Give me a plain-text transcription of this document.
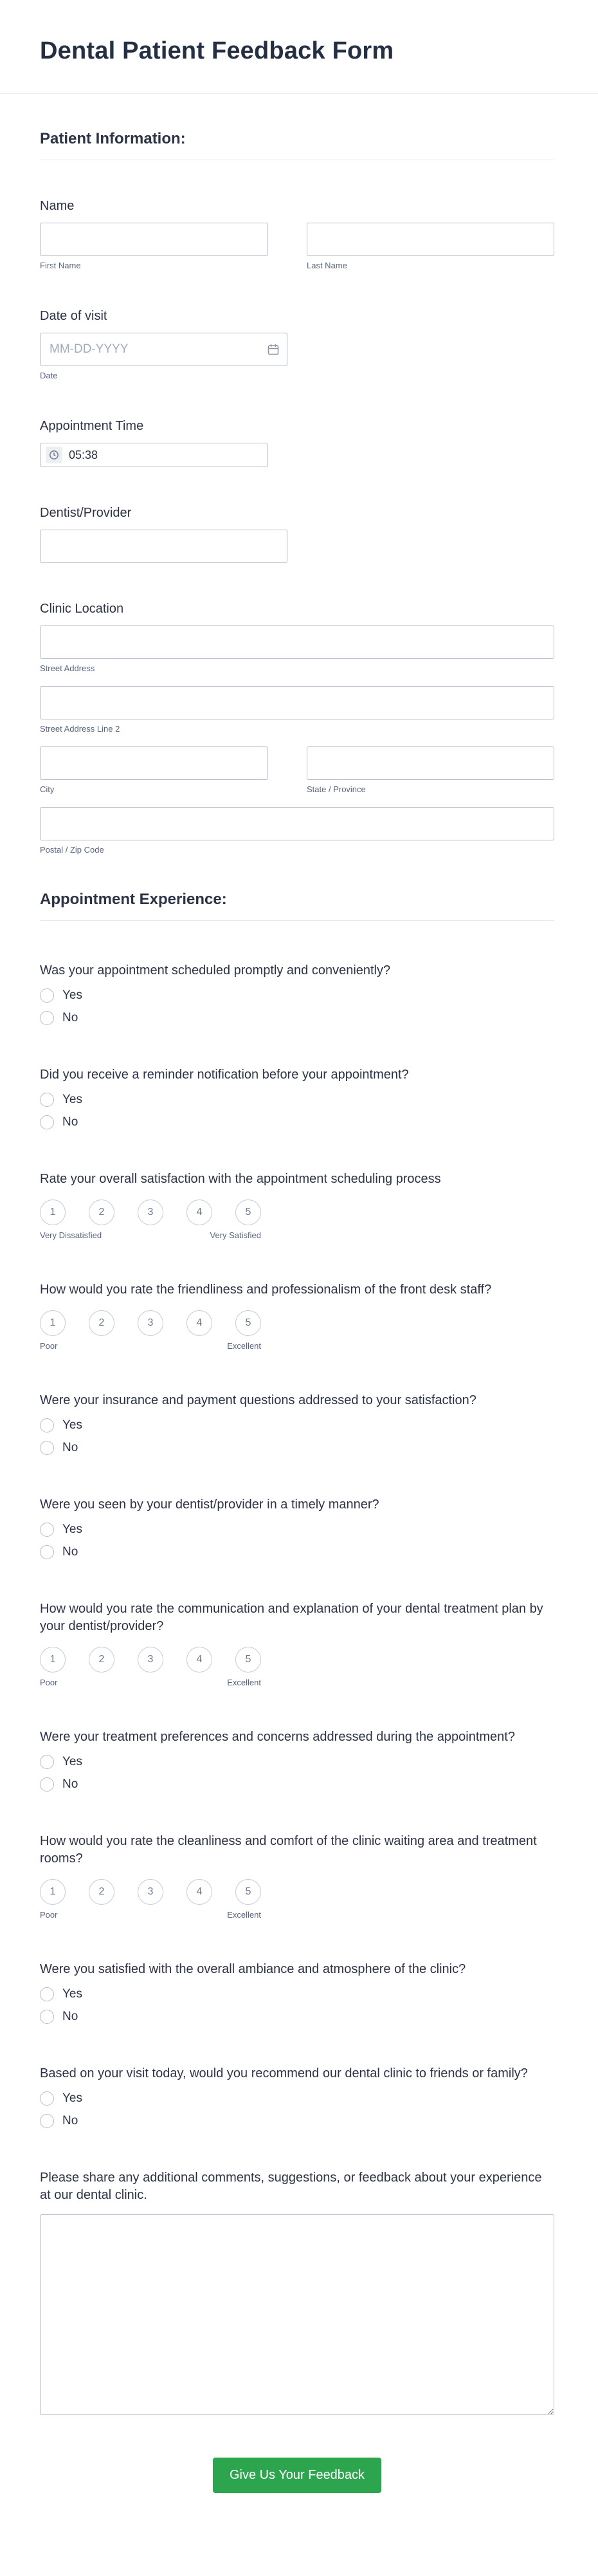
Dental Patient Feedback Form
Patient Information:
Name
First Name	Last Name
Date of visit
MM-DD-YYYY
Date
Appointment Time
05:38
Dentist/Provider
Clinic Location
Street Address
Street Address Line 2
City	State / Province
Postal / Zip Code
Appointment Experience:
Was your appointment scheduled promptly and conveniently?
Yes
No
Did you receive a reminder notification before your appointment?
Yes
No
Rate your overall satisfaction with the appointment scheduling process
1	2	3	4	5
Very Dissatisfied	Very Satisfied
How would you rate the friendliness and professionalism of the front desk staff?
1	2	3	4	5
Poor	Excellent
Were your insurance and payment questions addressed to your satisfaction?
Yes
No
Were you seen by your dentist/provider in a timely manner?
Yes
No
How would you rate the communication and explanation of your dental treatment plan by your dentist/provider?
1	2	3	4	5
Poor	Excellent
Were your treatment preferences and concerns addressed during the appointment?
Yes
No
How would you rate the cleanliness and comfort of the clinic waiting area and treatment rooms?
1	2	3	4	5
Poor	Excellent
Were you satisfied with the overall ambiance and atmosphere of the clinic?
Yes
No
Based on your visit today, would you recommend our dental clinic to friends or family?
Yes
No
Please share any additional comments, suggestions, or feedback about your experience at our dental clinic.
Give Us Your Feedback
